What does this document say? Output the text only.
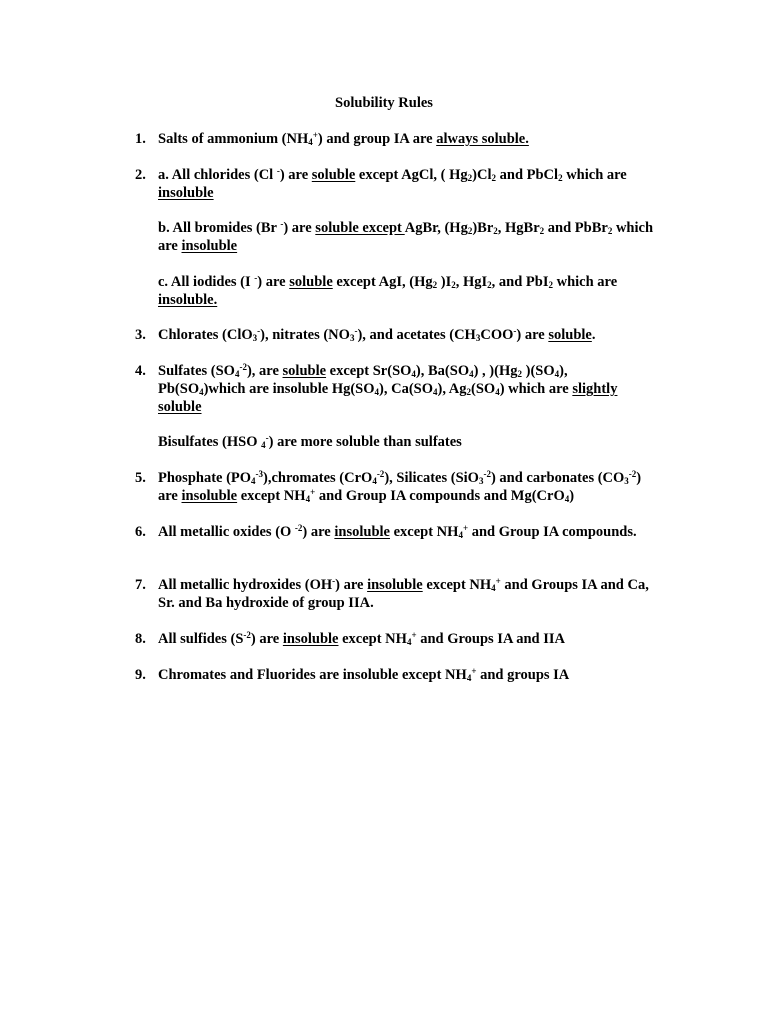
Solubility Rules
1. Salts of ammonium $(NH_4^+)$ and group IA are always soluble.
2. a. All chlorides (Cl -) are soluble except AgCl, ( $Hg_2)Cl_2$ and PbCl$_2$ which are insoluble
b. All bromides (Br -) are soluble except AgBr, $(Hg_2)Br_2$, HgBr$_2$ and PbBr$_2$ which are insoluble
c. All iodides (I -) are soluble except AgI, ($Hg_2$ )$I_2$, HgI$_2$, and PbI$_2$ which are insoluble.
3. Chlorates (ClO$_3$-), nitrates $(NO_3^-)$, and acetates $(CH_3COO^-)$ are soluble.
4. Sulfates $(SO_4^{-2})$, are soluble except $Sr(SO_4)$, $Ba(SO_4)$ , )($Hg_2$ )$(SO_4)$, $Pb(SO_4)which$ are insoluble $Hg(SO_4)$, $Ca(SO_4)$, $Ag_2(SO_4)$ which are slightly soluble
Bisulfates (HSO $_4$-) are more soluble than sulfates
5. Phosphate $(PO_4^{-3}),chromates$ (CrO$_4^{-2}$), Silicates (SiO$_3^{-2}$) and carbonates $(CO_3^{-2})$ are insoluble except $NH_4^+$ and Group IA compounds and Mg(CrO$_4$)
6. All metallic oxides (O $^{-2}$) are insoluble except $NH_4^+$ and Group IA compounds.
7. All metallic hydroxides (OH-) are insoluble except $NH_4^+$ and Groups IA and Ca, Sr. and Ba hydroxide of group IIA.
8. All sulfides $(S^{-2})$ are insoluble except $NH_4^+$ and Groups IA and IIA
9. Chromates and Fluorides are insoluble except $NH_4^+$ and groups IA
